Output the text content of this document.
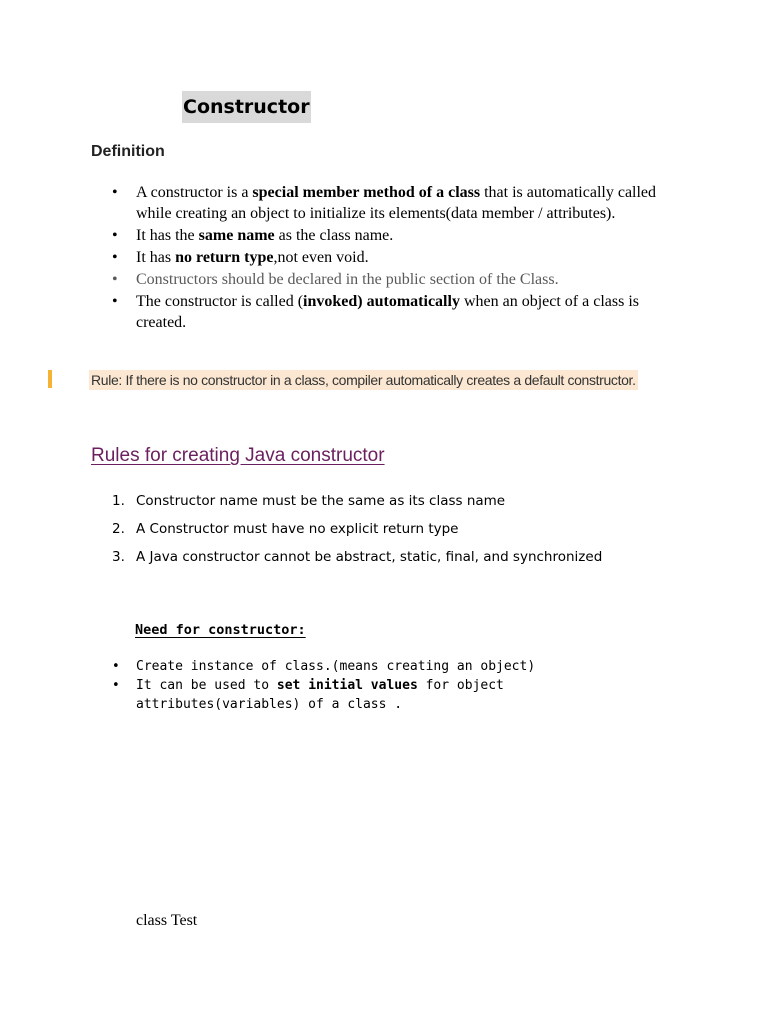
Constructor
Definition
•	A constructor is a special member method of a class that is automatically called while creating an object to initialize its elements(data member / attributes).
•	It has the same name as the class name.
•	It has no return type,not even void.
•	Constructors should be declared in the public section of the Class.
•	The constructor is called (invoked) automatically when an object of a class is created.
Rule: If there is no constructor in a class, compiler automatically creates a default constructor.
Rules for creating Java constructor
1. Constructor name must be the same as its class name
2. A Constructor must have no explicit return type
3. A Java constructor cannot be abstract, static, final, and synchronized
Need for constructor:
• Create instance of class.(means creating an object)
• It can be used to set initial values for object attributes(variables) of a class .
class Test
